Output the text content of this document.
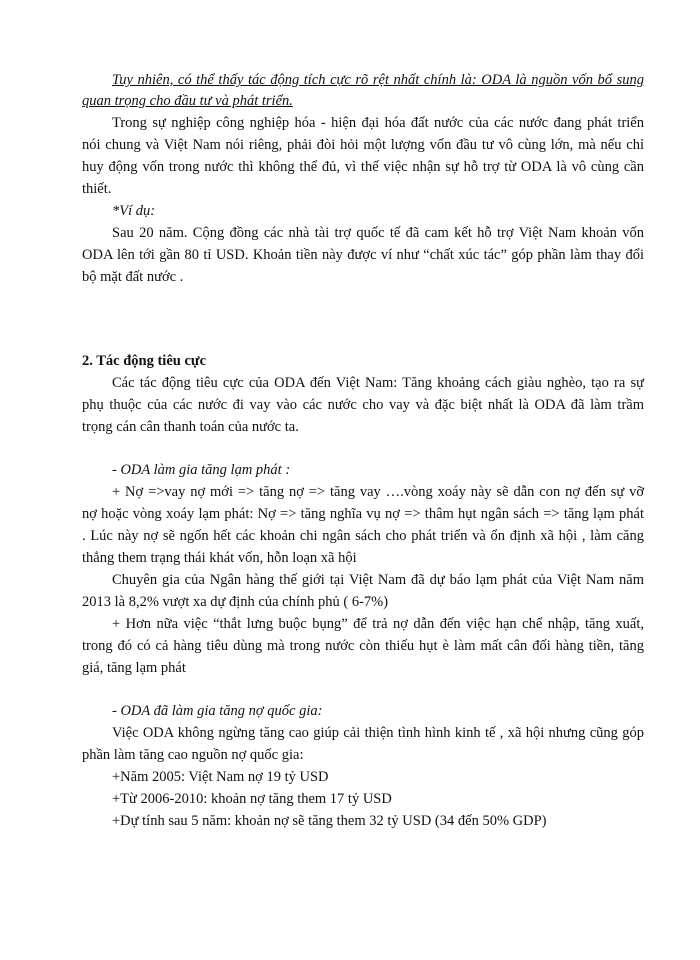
Tuy nhiên, có thể thấy tác động tích cực rõ rệt nhất chính là: ODA là nguồn vốn bổ sung
quan trọng cho đầu tư và phát triển.
Trong sự nghiệp công nghiệp hóa - hiện đại hóa đất nước của các nước đang phát triển
nói chung và Việt Nam nói riêng, phải đòi hỏi một lượng vốn đầu tư vô cùng lớn, mà nếu chỉ
huy động vốn trong nước thì không thể đủ, vì thế việc nhận sự hỗ trợ từ ODA là vô cùng cần
thiết.
*Ví dụ:
Sau 20 năm. Cộng đồng các nhà tài trợ quốc tế đã cam kết hỗ trợ Việt Nam khoản vốn
ODA lên tới gần 80 tỉ USD. Khoản tiền này được ví như “chất xúc tác” góp phần làm thay đổi
bộ mặt đất nước .
2. Tác động tiêu cực
Các tác động tiêu cực của ODA đến Việt Nam: Tăng khoảng cách giàu nghèo, tạo ra sự
phụ thuộc của các nước đi vay vào các nước cho vay và đặc biệt nhất là ODA đã làm trầm
trọng cán cân thanh toán của nước ta.
- ODA làm gia tăng lạm phát :
+ Nợ =>vay nợ mới => tăng nợ => tăng vay ….vòng xoáy này sẽ dẫn con nợ đến sự vỡ
nợ hoặc vòng xoáy lạm phát: Nợ => tăng nghĩa vụ nợ => thâm hụt ngân sách => tăng lạm phát
. Lúc này nợ sẽ ngốn hết các khoản chi ngân sách cho phát triển và ổn định xã hội , làm căng
thẳng them trạng thái khát vốn, hỗn loạn xã hội
Chuyên gia của Ngân hàng thế giới tại Việt Nam đã dự báo lạm phát của Việt Nam năm
2013 là 8,2% vượt xa dự định của chính phủ ( 6-7%)
+ Hơn nữa việc “thắt lưng buộc bụng” để trả nợ dẫn đến việc hạn chế nhập, tăng xuất,
trong đó có cả hàng tiêu dùng mà trong nước còn thiếu hụt è làm mất cân đối hàng tiền, tăng
giá, tăng lạm phát
- ODA đã làm gia tăng nợ quốc gia:
Việc ODA không ngừng tăng cao giúp cải thiện tình hình kinh tế , xã hội nhưng cũng góp
phần làm tăng cao nguồn nợ quốc gia:
+Năm 2005: Việt Nam nợ 19 tỷ USD
+Từ 2006-2010: khoản nợ tăng them 17 tỷ USD
+Dự tính sau 5 năm: khoản nợ sẽ tăng them 32 tỷ USD (34 đến 50% GDP)
